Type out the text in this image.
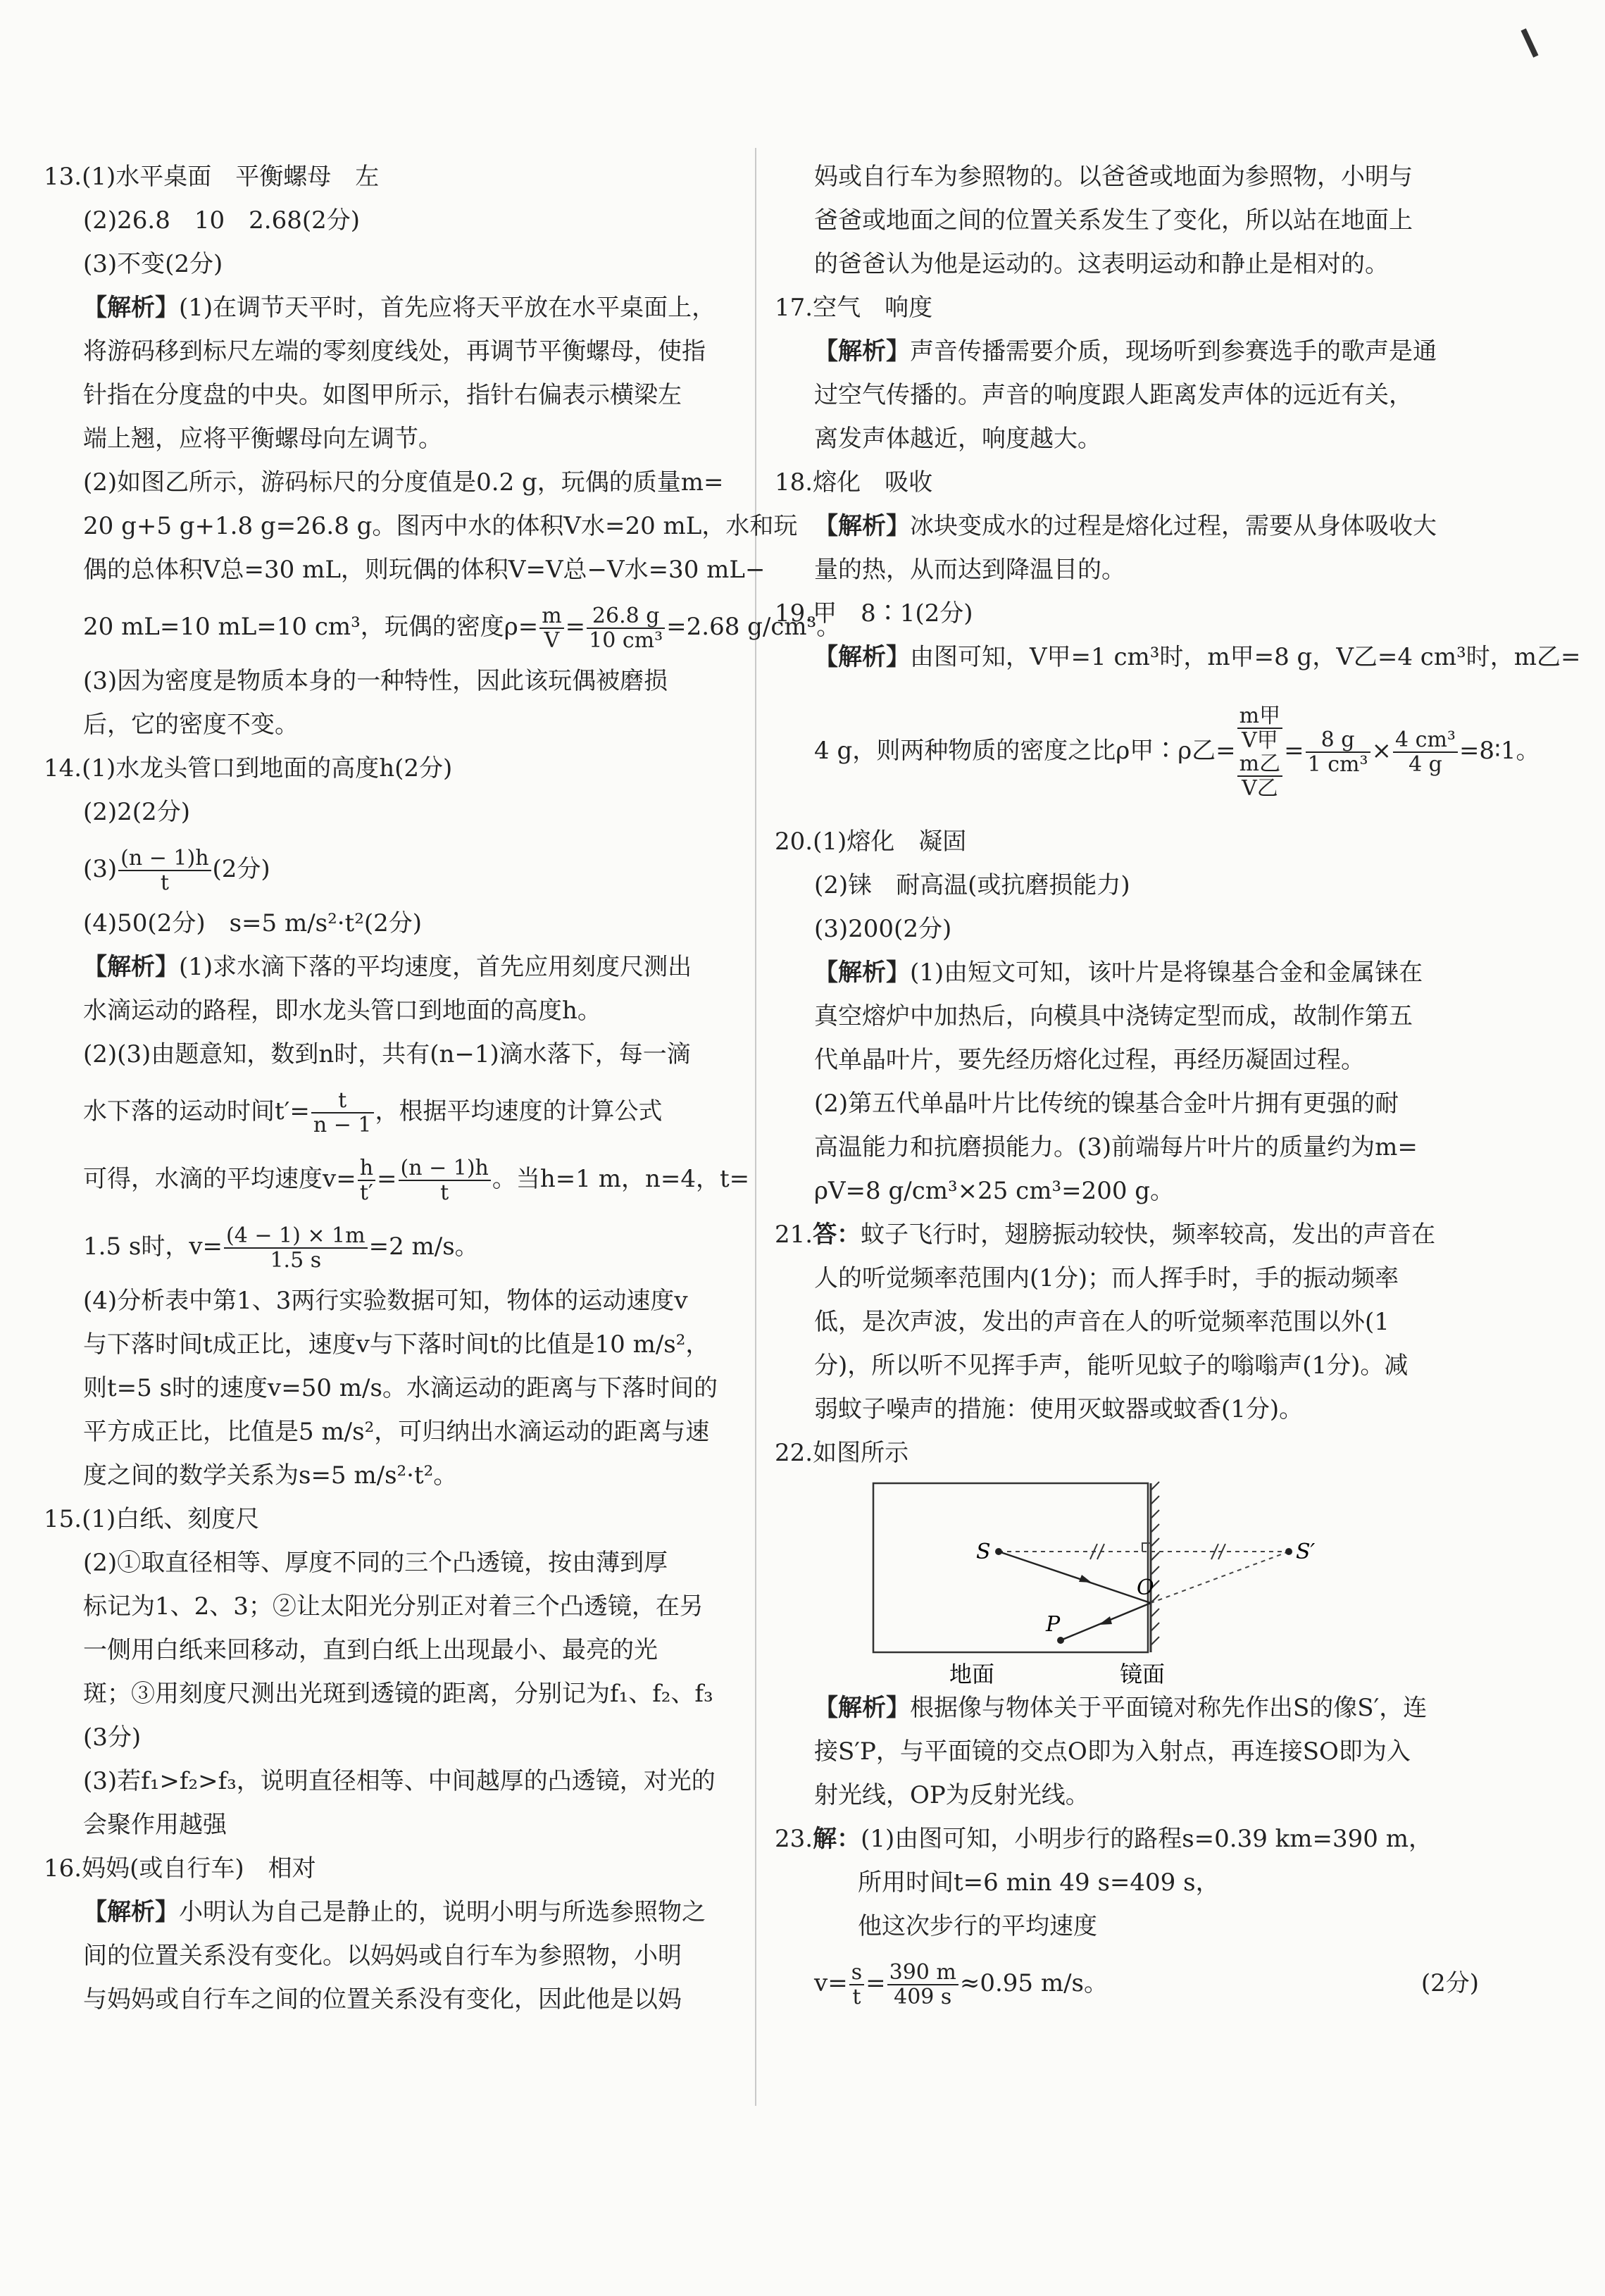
13.(1)水平桌面　平衡螺母　左
(2)26.8　10　2.68(2分)
(3)不变(2分)
【解析】(1)在调节天平时，首先应将天平放在水平桌面上，
将游码移到标尺左端的零刻度线处，再调节平衡螺母，使指
针指在分度盘的中央。如图甲所示，指针右偏表示横梁左
端上翘，应将平衡螺母向左调节。
(2)如图乙所示，游码标尺的分度值是0.2 g，玩偶的质量m=
20 g+5 g+1.8 g=26.8 g。图丙中水的体积V水=20 mL，水和玩
偶的总体积V总=30 mL，则玩偶的体积V=V总−V水=30 mL−
20 mL=10 mL=10 cm³，玩偶的密度$\rho= \frac{m}{V} = \frac{26.8 g}{\text{10 cm³}} =2.68$ g/cm³。
(3)因为密度是物质本身的一种特性，因此该玩偶被磨损
后，它的密度不变。
14.(1)水龙头管口到地面的高度h(2分)
(2)2(2分)
$(3) \frac{(n - 1)h}{t} (2$分)
(4)50(2分)　s=5 m/s²·t²(2分)
【解析】(1)求水滴下落的平均速度，首先应用刻度尺测出
水滴运动的路程，即水龙头管口到地面的高度h。
(2)(3)由题意知，数到n时，共有(n−1)滴水落下，每一滴
水下落的运动时间$t'= \frac{t}{n - 1}$ ，根据平均速度的计算公式
可得，水滴的平均速度$v= \frac{h}{t'} = \frac{(n - 1)h}{t}$ 。当h=1 m，n=4，t=
1.5 s时，$v= \frac{(4 - 1) \times 1m}{1.5 s} =2$ m/s。
(4)分析表中第1、3两行实验数据可知，物体的运动速度v
与下落时间t成正比，速度v与下落时间t的比值是10 m/s²，
则t=5 s时的速度v=50 m/s。水滴运动的距离与下落时间的
平方成正比，比值是5 m/s²，可归纳出水滴运动的距离与速
度之间的数学关系为s=5 m/s²·t²。
15.(1)白纸、刻度尺
(2)①取直径相等、厚度不同的三个凸透镜，按由薄到厚
标记为1、2、3；②让太阳光分别正对着三个凸透镜，在另
一侧用白纸来回移动，直到白纸上出现最小、最亮的光
斑；③用刻度尺测出光斑到透镜的距离，分别记为f₁、f₂、f₃
(3分)
(3)若f₁>f₂>f₃，说明直径相等、中间越厚的凸透镜，对光的
会聚作用越强
16.妈妈(或自行车)　相对
【解析】小明认为自己是静止的，说明小明与所选参照物之
间的位置关系没有变化。以妈妈或自行车为参照物，小明
与妈妈或自行车之间的位置关系没有变化，因此他是以妈
妈或自行车为参照物的。以爸爸或地面为参照物，小明与
爸爸或地面之间的位置关系发生了变化，所以站在地面上
的爸爸认为他是运动的。这表明运动和静止是相对的。
17.空气　响度
【解析】声音传播需要介质，现场听到参赛选手的歌声是通
过空气传播的。声音的响度跟人距离发声体的远近有关，
离发声体越近，响度越大。
18.熔化　吸收
【解析】冰块变成水的过程是熔化过程，需要从身体吸收大
量的热，从而达到降温目的。
19.甲　8∶1(2分)
【解析】由图可知，V甲=1 cm³时，m甲=8 g，V乙=4 cm³时，m乙=
4 g，则两种物质的密度之比ρ甲∶ρ乙= $\frac{\text{m甲}}{\text{V甲}}$
$\frac{\text{m乙}}{\text{V乙}}$
= $\frac{8 g}{\text{1 cm³}} \times \frac{\text{4 cm³}}{4 g}$ =8∶1。
20.(1)熔化　凝固
(2)铼　耐高温(或抗磨损能力)
(3)200(2分)
【解析】(1)由短文可知，该叶片是将镍基合金和金属铼在
真空熔炉中加热后，向模具中浇铸定型而成，故制作第五
代单晶叶片，要先经历熔化过程，再经历凝固过程。
(2)第五代单晶叶片比传统的镍基合金叶片拥有更强的耐
高温能力和抗磨损能力。(3)前端每片叶片的质量约为m=
ρV=8 g/cm³×25 cm³=200 g。
21.答：蚊子飞行时，翅膀振动较快，频率较高，发出的声音在
人的听觉频率范围内(1分)；而人挥手时，手的振动频率
低，是次声波，发出的声音在人的听觉频率范围以外(1
分)，所以听不见挥手声，能听见蚊子的嗡嗡声(1分)。减
弱蚊子噪声的措施：使用灭蚊器或蚊香(1分)。
22.如图所示
S	S′
O
P
地面	镜面
【解析】根据像与物体关于平面镜对称先作出S的像S′，连
接S′P，与平面镜的交点O即为入射点，再连接SO即为入
射光线，OP为反射光线。
23.解：(1)由图可知，小明步行的路程s=0.39 km=390 m，
所用时间t=6 min 49 s=409 s，
他这次步行的平均速度
$v= \frac{s}{t} = \frac{390 m}{409 s} \approx 0.95$ m/s。	(2分)
